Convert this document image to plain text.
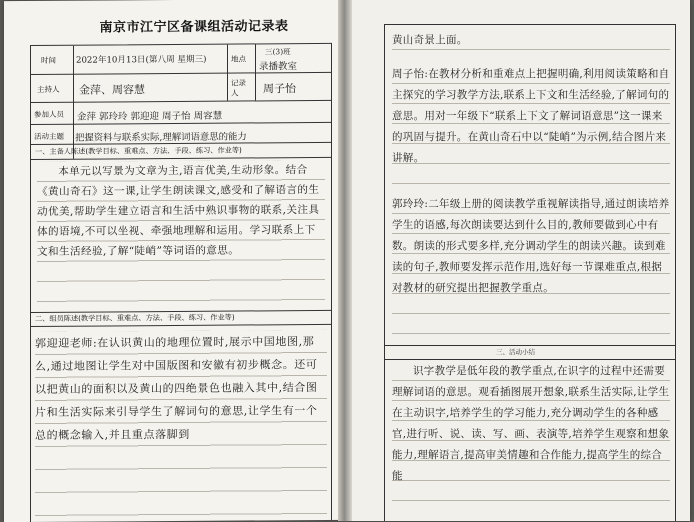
南京市江宁区备课组活动记录表
时间	地点
主持人
记录人
参加人员
活动主题
2022年10月13日(第八周 星期三)
三(3)班
录播教室
金萍、周容慧	周子怡
金萍 郭玲玲 郭迎迎 周子怡 周容慧
把握资料与联系实际,理解词语意思的能力
一、主备人陈述(教学目标、重难点、方法、手段、练习、作业等)
本单元以写景为文章为主,语言优美,生动形象。结合《黄山奇石》这一课,让学生朗读课文,感受和了解语言的生动优美,帮助学生建立语言和生活中熟识事物的联系,关注具体的语境,不可以坐视、牵强地理解和运用。学习联系上下文和生活经验,了解“陡峭”等词语的意思。
二、组员陈述(教学目标、重难点、方法、手段、练习、作业等)
郭迎迎老师:在认识黄山的地理位置时,展示中国地图,那么,通过地图让学生对中国版图和安徽有初步概念。还可以把黄山的面积以及黄山的四绝景色也融入其中,结合图片和生活实际来引导学生了解词句的意思,让学生有一个总的概念输入,并且重点落脚到
黄山奇景上面。
周子怡:在教材分析和重难点上把握明确,利用阅读策略和自主探究的学习教学方法,联系上下文和生活经验,了解词句的意思。用对一年级下“联系上下文了解词语意思”这一课来的巩固与提升。在黄山奇石中以“陡峭”为示例,结合图片来讲解。
郭玲玲:二年级上册的阅读教学重视解读指导,通过朗读培养学生的语感,每次朗读要达到什么目的,教师要做到心中有数。朗读的形式要多样,充分调动学生的朗读兴趣。读到难读的句子,教师要发挥示范作用,选好每一节课难重点,根据对教材的研究提出把握教学重点。
三、活动小结
识字教学是低年段的教学重点,在识字的过程中还需要理解词语的意思。观看插图展开想象,联系生活实际,让学生在主动识字,培养学生的学习能力,充分调动学生的各种感官,进行听、说、读、写、画、表演等,培养学生观察和想象能力,理解语言,提高审美情趣和合作能力,提高学生的综合能
